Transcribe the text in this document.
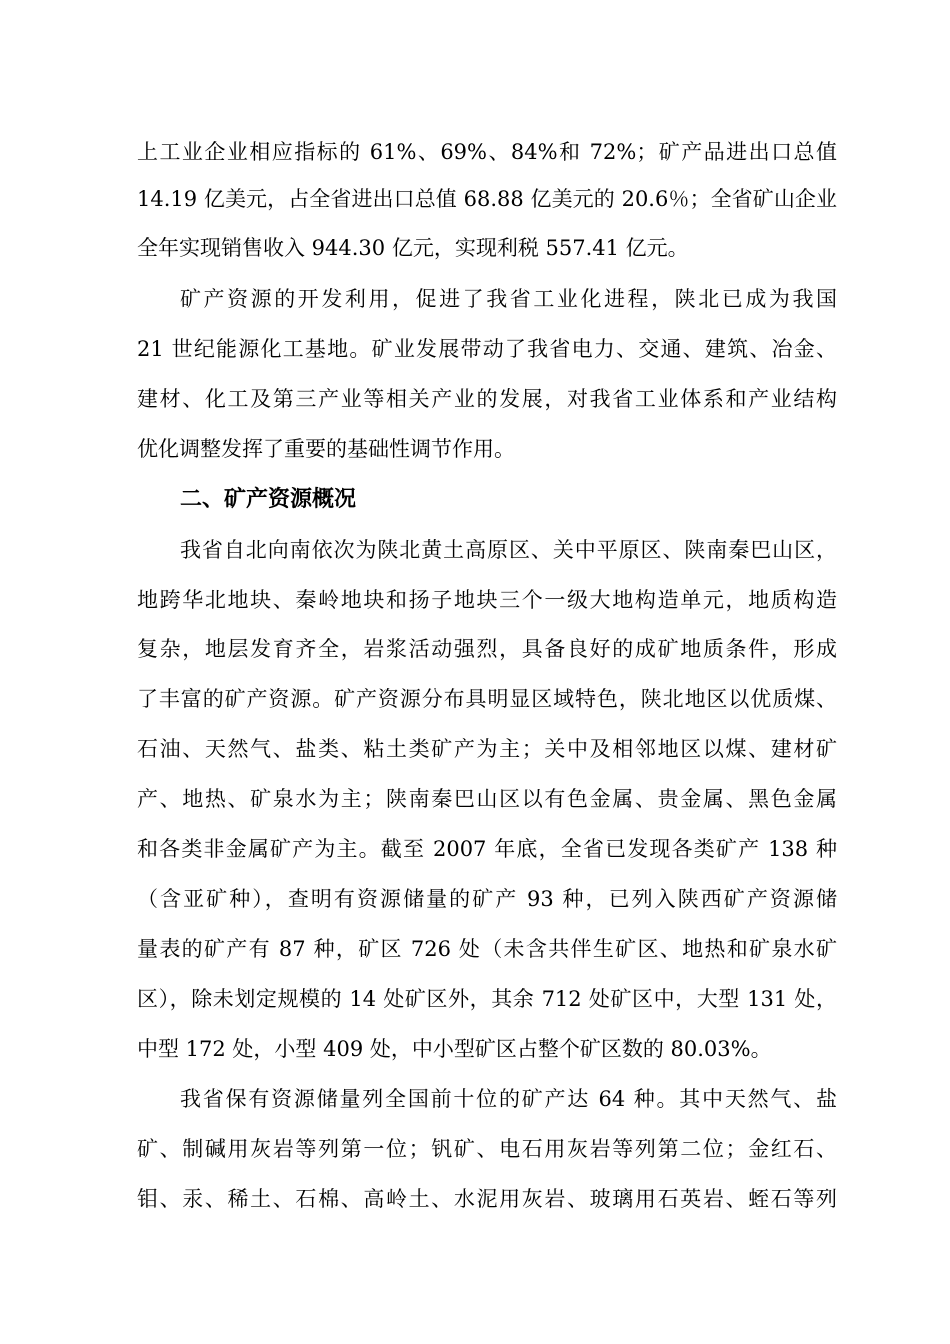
上工业企业相应指标的 61%、69%、84%和 72%；矿产品进出口总值
14.19 亿美元，占全省进出口总值 68.88 亿美元的 20.6％；全省矿山企业
全年实现销售收入 944.30 亿元，实现利税 557.41 亿元。
矿产资源的开发利用，促进了我省工业化进程，陕北已成为我国
21 世纪能源化工基地。矿业发展带动了我省电力、交通、建筑、冶金、
建材、化工及第三产业等相关产业的发展，对我省工业体系和产业结构
优化调整发挥了重要的基础性调节作用。
二、矿产资源概况
我省自北向南依次为陕北黄土高原区、关中平原区、陕南秦巴山区，
地跨华北地块、秦岭地块和扬子地块三个一级大地构造单元，地质构造
复杂，地层发育齐全，岩浆活动强烈，具备良好的成矿地质条件，形成
了丰富的矿产资源。矿产资源分布具明显区域特色，陕北地区以优质煤、
石油、天然气、盐类、粘土类矿产为主；关中及相邻地区以煤、建材矿
产、地热、矿泉水为主；陕南秦巴山区以有色金属、贵金属、黑色金属
和各类非金属矿产为主。截至 2007 年底，全省已发现各类矿产 138 种
（含亚矿种），查明有资源储量的矿产 93 种，已列入陕西矿产资源储
量表的矿产有 87 种，矿区 726 处（未含共伴生矿区、地热和矿泉水矿
区），除未划定规模的 14 处矿区外，其余 712 处矿区中，大型 131 处，
中型 172 处，小型 409 处，中小型矿区占整个矿区数的 80.03%。
我省保有资源储量列全国前十位的矿产达 64 种。其中天然气、盐
矿、制碱用灰岩等列第一位；钒矿、电石用灰岩等列第二位；金红石、
钼、汞、稀土、石棉、高岭土、水泥用灰岩、玻璃用石英岩、蛭石等列
